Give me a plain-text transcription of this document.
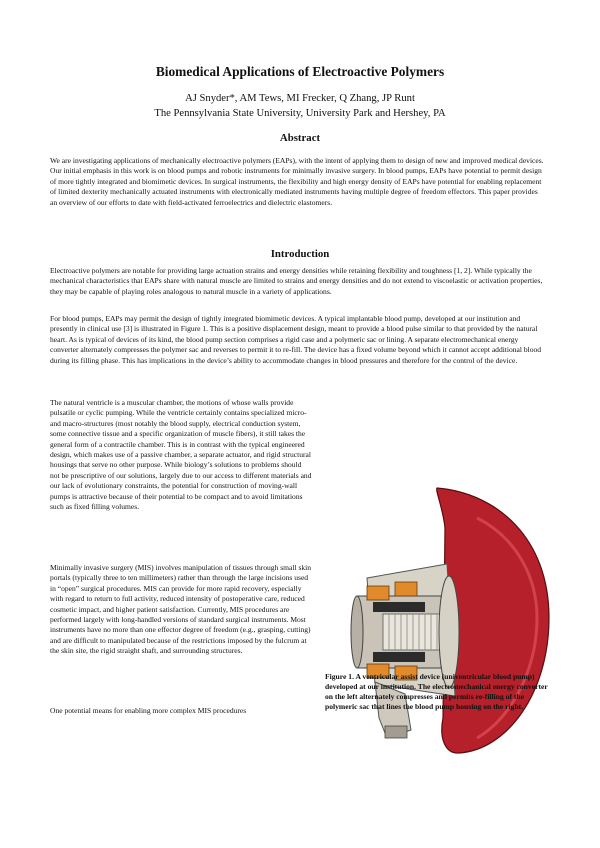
Biomedical Applications of Electroactive Polymers
AJ Snyder*, AM Tews, MI Frecker, Q Zhang, JP Runt
The Pennsylvania State University, University Park and Hershey, PA
Abstract

We are investigating applications of mechanically electroactive polymers (EAPs), with the intent of applying them to design of new and improved medical devices. Our initial emphasis in this work is on blood pumps and robotic instruments for minimally invasive surgery. In blood pumps, EAPs have potential to permit design of more tightly integrated and biomimetic devices. In surgical instruments, the flexibility and high energy density of EAPs have potential for enabling replacement of limited dexterity mechanically actuated instruments with electronically mediated instruments having multiple degree of freedom effectors. This paper provides an overview of our efforts to date with field-activated ferroelectrics and dielectric elastomers.

Introduction

Electroactive polymers are notable for providing large actuation strains and energy densities while retaining flexibility and toughness [1, 2]. While typically the mechanical characteristics that EAPs share with natural muscle are limited to strains and energy densities and do not extend to viscoelastic or activation properties, they may be capable of playing roles analogous to natural muscle in a variety of applications.

For blood pumps, EAPs may permit the design of tightly integrated biomimetic devices. A typical implantable blood pump, developed at our institution and presently in clinical use [3] is illustrated in Figure 1. This is a positive displacement design, meant to provide a blood pulse similar to that provided by the natural heart. As is typical of devices of its kind, the blood pump section comprises a rigid case and a polymeric sac or lining. A separate electromechanical energy converter alternately compresses the polymer sac and reverses to permit it to re-fill. The device has a fixed volume beyond which it cannot accept additional blood during its filling phase. This has implications in the device’s ability to accommodate changes in blood pressures and therefore for the control of the device.

The natural ventricle is a muscular chamber, the motions of whose walls provide pulsatile or cyclic pumping. While the ventricle certainly contains specialized micro- and macro-structures (most notably the blood supply, electrical conduction system, some connective tissue and a specific organization of muscle fibers), it still takes the general form of a contractile chamber. This is in contrast with the typical engineered design, which makes use of a passive chamber, a separate actuator, and rigid structural housings that serve no other purpose. While biology’s solutions to problems should not be prescriptive of our solutions, largely due to our access to different materials and our lack of evolutionary constraints, the potential for construction of moving-wall pumps is attractive because of their potential to be compact and to avoid limitations such as fixed filling volumes.

Minimally invasive surgery (MIS) involves manipulation of tissues through small skin portals (typically three to ten millimeters) rather than through the large incisions used in “open” surgical procedures. MIS can provide for more rapid recovery, especially with regard to return to full activity, reduced intensity of postoperative care, reduced cosmetic impact, and higher patient satisfaction. Currently, MIS procedures are performed largely with long-handled versions of standard surgical instruments. Most instruments have no more than one effector degree of freedom (e.g., grasping, cutting) and are difficult to manipulated because of the restrictions imposed by the fulcrum at the skin site, the rigid straight shaft, and surrounding structures.

One potential means for enabling more complex MIS procedures

Figure 1. A ventricular assist device (univentricular blood pump) developed at our institution. The electromechanical energy converter on the left alternately compresses and permits re-filling of the polymeric sac that lines the blood pump housing on the right.
